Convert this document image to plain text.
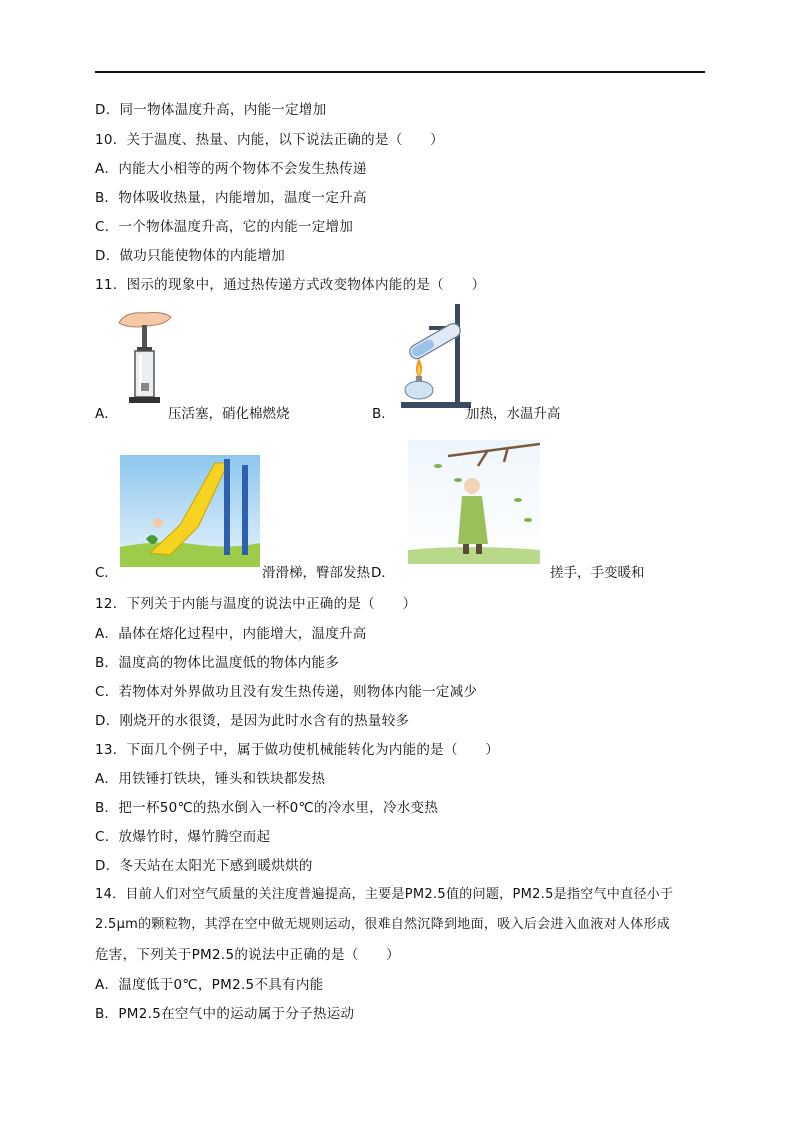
D．同一物体温度升高，内能一定增加
10．关于温度、热量、内能，以下说法正确的是（　　）
A．内能大小相等的两个物体不会发生热传递
B．物体吸收热量，内能增加，温度一定升高
C．一个物体温度升高，它的内能一定增加
D．做功只能使物体的内能增加
11．图示的现象中，通过热传递方式改变物体内能的是（　　）
A．	压活塞，硝化棉燃烧	B．	加热，水温升高
C．	滑滑梯，臀部发热 D．	搓手，手变暖和
12．下列关于内能与温度的说法中正确的是（　　）
A．晶体在熔化过程中，内能增大，温度升高
B．温度高的物体比温度低的物体内能多
C．若物体对外界做功且没有发生热传递，则物体内能一定减少
D．刚烧开的水很烫，是因为此时水含有的热量较多
13．下面几个例子中，属于做功使机械能转化为内能的是（　　）
A．用铁锤打铁块，锤头和铁块都发热
B．把一杯50℃的热水倒入一杯0℃的冷水里，冷水变热
C．放爆竹时，爆竹腾空而起
D．冬天站在太阳光下感到暖烘烘的
14．目前人们对空气质量的关注度普遍提高，主要是PM2.5值的问题，PM2.5是指空气中直径小于
2.5μm的颗粒物，其浮在空中做无规则运动，很难自然沉降到地面，吸入后会进入血液对人体形成
危害，下列关于PM2.5的说法中正确的是（　　）
A．温度低于0℃，PM2.5不具有内能
B．PM2.5在空气中的运动属于分子热运动
